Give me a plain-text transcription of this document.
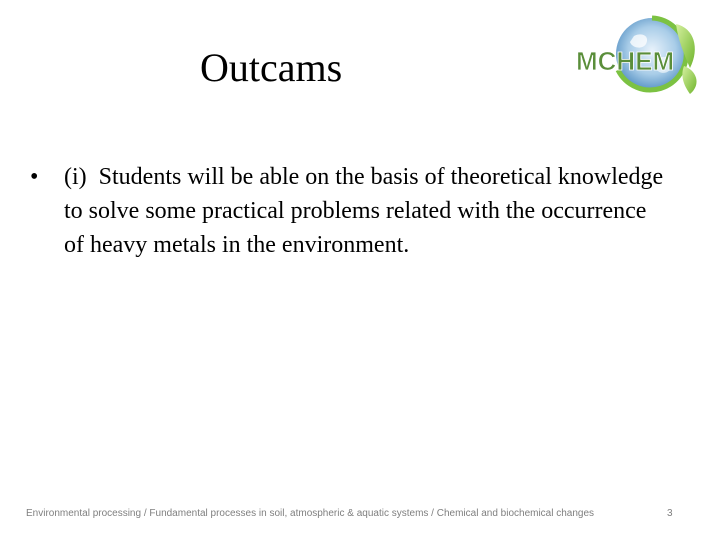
Outcams	MCHEM
•	(i)  Students will be able on the basis of theoretical knowledge to solve some practical problems related with the occurrence of heavy metals in the environment.
Environmental processing / Fundamental processes in soil, atmospheric & aquatic systems / Chemical and biochemical changes	3
